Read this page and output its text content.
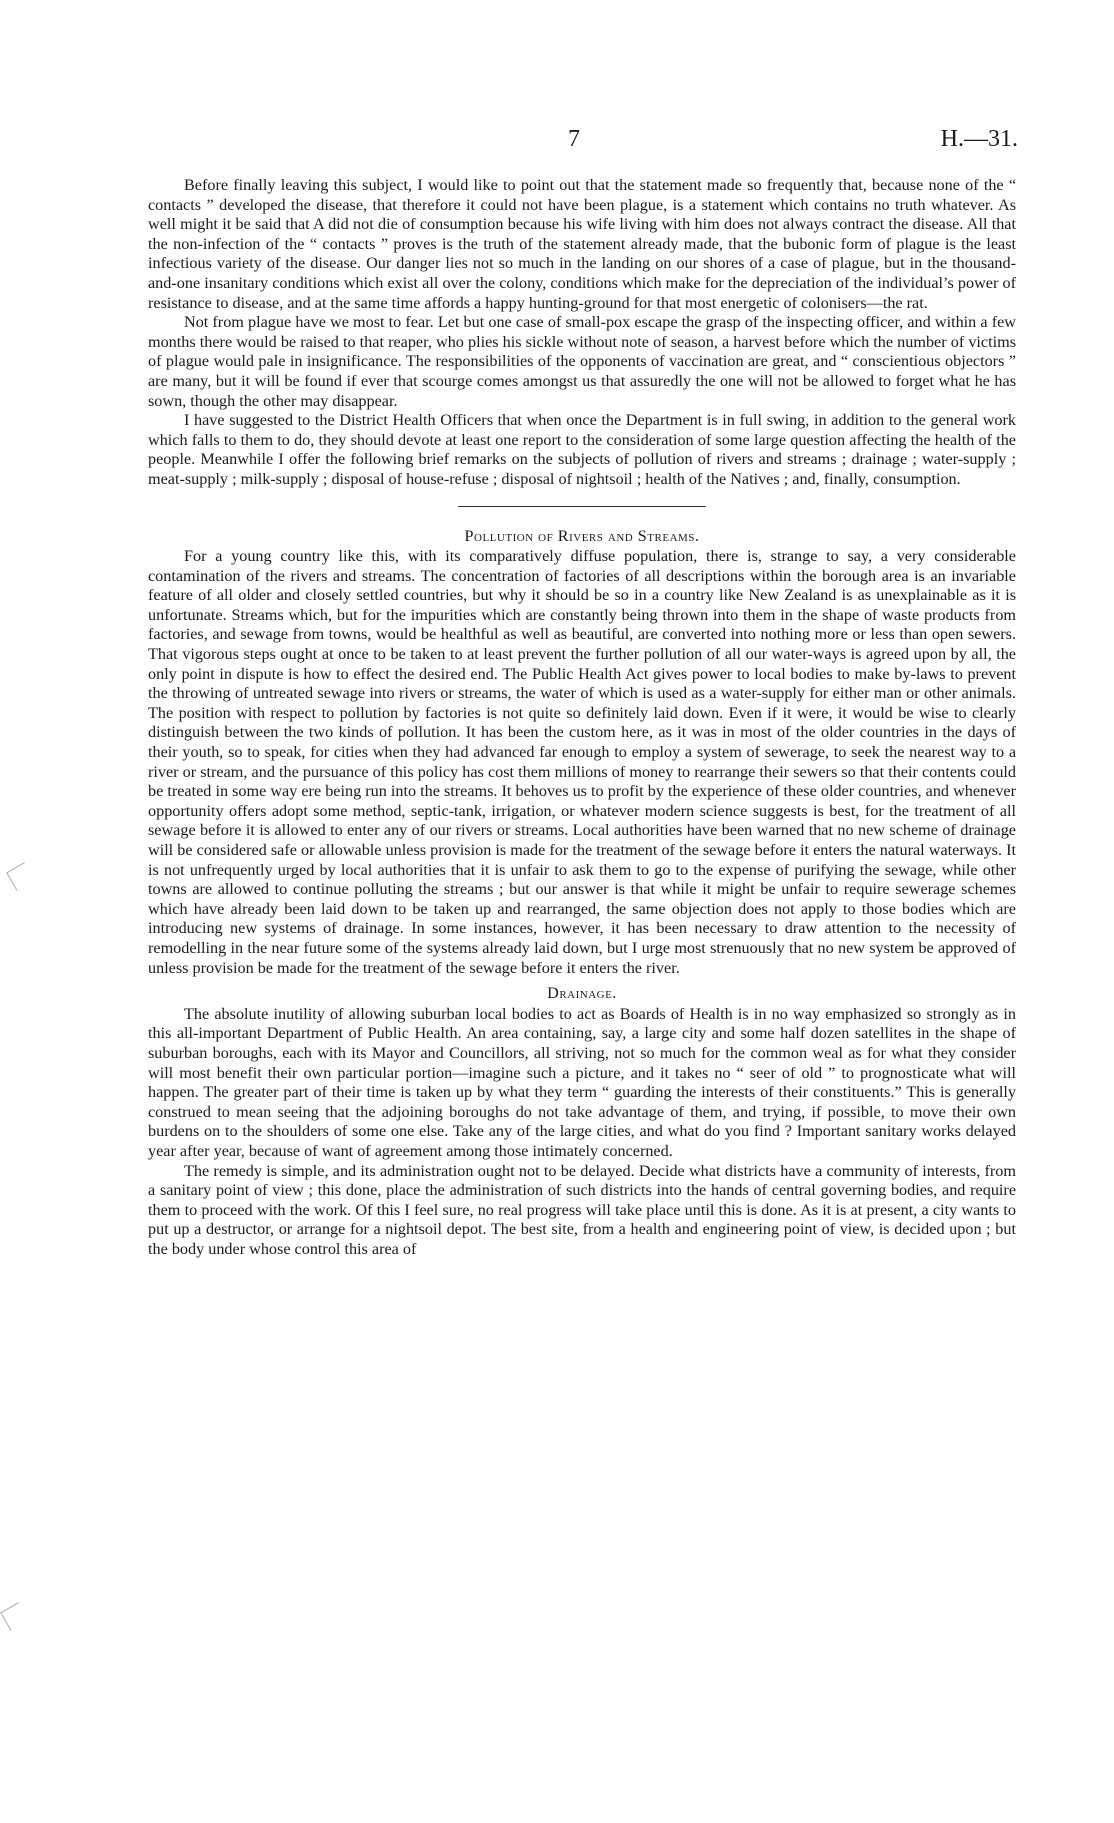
7	H.—31.

Before finally leaving this subject, I would like to point out that the statement made so frequently that, because none of the “ contacts ” developed the disease, that therefore it could not have been plague, is a statement which contains no truth whatever. As well might it be said that A did not die of consumption because his wife living with him does not always contract the disease. All that the non-infection of the “ contacts ” proves is the truth of the statement already made, that the bubonic form of plague is the least infectious variety of the disease. Our danger lies not so much in the landing on our shores of a case of plague, but in the thousand-and-one insanitary conditions which exist all over the colony, conditions which make for the depreciation of the individual’s power of resistance to disease, and at the same time affords a happy hunting-ground for that most energetic of colonisers—the rat.

Not from plague have we most to fear. Let but one case of small-pox escape the grasp of the inspecting officer, and within a few months there would be raised to that reaper, who plies his sickle without note of season, a harvest before which the number of victims of plague would pale in insignificance. The responsibilities of the opponents of vaccination are great, and “ conscientious objectors ” are many, but it will be found if ever that scourge comes amongst us that assuredly the one will not be allowed to forget what he has sown, though the other may disappear.

I have suggested to the District Health Officers that when once the Department is in full swing, in addition to the general work which falls to them to do, they should devote at least one report to the consideration of some large question affecting the health of the people. Meanwhile I offer the following brief remarks on the subjects of pollution of rivers and streams ; drainage ; water-supply ; meat-supply ; milk-supply ; disposal of house-refuse ; disposal of nightsoil ; health of the Natives ; and, finally, consumption.

Pollution of Rivers and Streams.

For a young country like this, with its comparatively diffuse population, there is, strange to say, a very considerable contamination of the rivers and streams. The concentration of factories of all descriptions within the borough area is an invariable feature of all older and closely settled countries, but why it should be so in a country like New Zealand is as unexplainable as it is unfortunate. Streams which, but for the impurities which are constantly being thrown into them in the shape of waste products from factories, and sewage from towns, would be healthful as well as beautiful, are converted into nothing more or less than open sewers. That vigorous steps ought at once to be taken to at least prevent the further pollution of all our water-ways is agreed upon by all, the only point in dispute is how to effect the desired end. The Public Health Act gives power to local bodies to make by-laws to prevent the throwing of untreated sewage into rivers or streams, the water of which is used as a water-supply for either man or other animals. The position with respect to pollution by factories is not quite so definitely laid down. Even if it were, it would be wise to clearly distinguish between the two kinds of pollution. It has been the custom here, as it was in most of the older countries in the days of their youth, so to speak, for cities when they had advanced far enough to employ a system of sewerage, to seek the nearest way to a river or stream, and the pursuance of this policy has cost them millions of money to rearrange their sewers so that their contents could be treated in some way ere being run into the streams. It behoves us to profit by the experience of these older countries, and whenever opportunity offers adopt some method, septic-tank, irrigation, or whatever modern science suggests is best, for the treatment of all sewage before it is allowed to enter any of our rivers or streams. Local authorities have been warned that no new scheme of drainage will be considered safe or allowable unless provision is made for the treatment of the sewage before it enters the natural waterways. It is not unfrequently urged by local authorities that it is unfair to ask them to go to the expense of purifying the sewage, while other towns are allowed to continue polluting the streams ; but our answer is that while it might be unfair to require sewerage schemes which have already been laid down to be taken up and rearranged, the same objection does not apply to those bodies which are introducing new systems of drainage. In some instances, however, it has been necessary to draw attention to the necessity of remodelling in the near future some of the systems already laid down, but I urge most strenuously that no new system be approved of unless provision be made for the treatment of the sewage before it enters the river.

Drainage.

The absolute inutility of allowing suburban local bodies to act as Boards of Health is in no way emphasized so strongly as in this all-important Department of Public Health. An area containing, say, a large city and some half dozen satellites in the shape of suburban boroughs, each with its Mayor and Councillors, all striving, not so much for the common weal as for what they consider will most benefit their own particular portion—imagine such a picture, and it takes no “ seer of old ” to prognosticate what will happen. The greater part of their time is taken up by what they term “ guarding the interests of their constituents.” This is generally construed to mean seeing that the adjoining boroughs do not take advantage of them, and trying, if possible, to move their own burdens on to the shoulders of some one else. Take any of the large cities, and what do you find ? Important sanitary works delayed year after year, because of want of agreement among those intimately concerned.

The remedy is simple, and its administration ought not to be delayed. Decide what districts have a community of interests, from a sanitary point of view ; this done, place the administration of such districts into the hands of central governing bodies, and require them to proceed with the work. Of this I feel sure, no real progress will take place until this is done. As it is at present, a city wants to put up a destructor, or arrange for a nightsoil depot. The best site, from a health and engineering point of view, is decided upon ; but the body under whose control this area of
